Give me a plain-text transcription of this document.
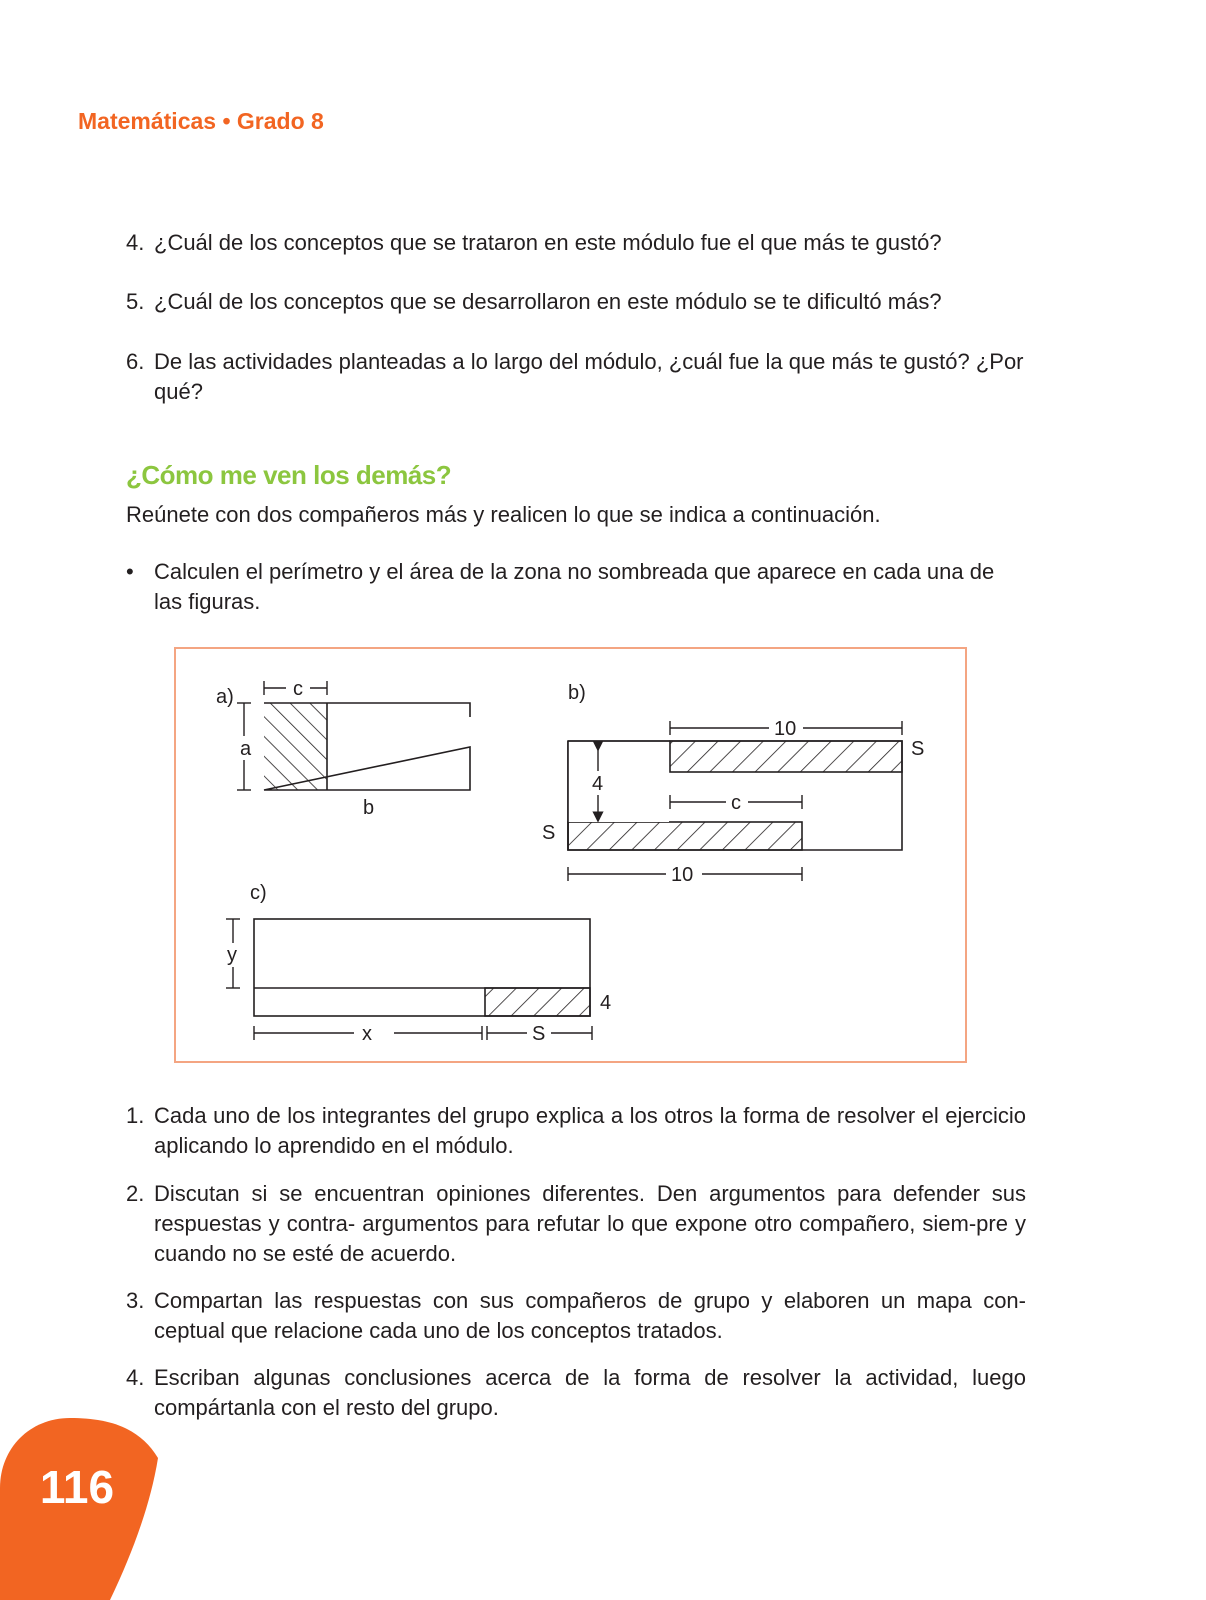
Matemáticas • Grado 8
4. ¿Cuál de los conceptos que se trataron en este módulo fue el que más te gustó?
5. ¿Cuál de los conceptos que se desarrollaron en este módulo se te dificultó más?
6. De las actividades planteadas a lo largo del módulo, ¿cuál fue la que más te gustó? ¿Por qué?
¿Cómo me ven los demás?
Reúnete con dos compañeros más y realicen lo que se indica a continuación.
• Calculen el perímetro y el área de la zona no sombreada que aparece en cada una de las figuras.
a)	c
a
b
b)
10
4
S
c
S
10
c)
y
4
x	S
1. Cada uno de los integrantes del grupo explica a los otros la forma de resolver el ejercicio aplicando lo aprendido en el módulo.
2. Discutan si se encuentran opiniones diferentes. Den argumentos para defender sus respuestas y contra- argumentos para refutar lo que expone otro compañero, siem-pre y cuando no se esté de acuerdo.
3. Compartan las respuestas con sus compañeros de grupo y elaboren un mapa con-ceptual que relacione cada uno de los conceptos tratados.
4. Escriban algunas conclusiones acerca de la forma de resolver la actividad, luego compártanla con el resto del grupo.
116
